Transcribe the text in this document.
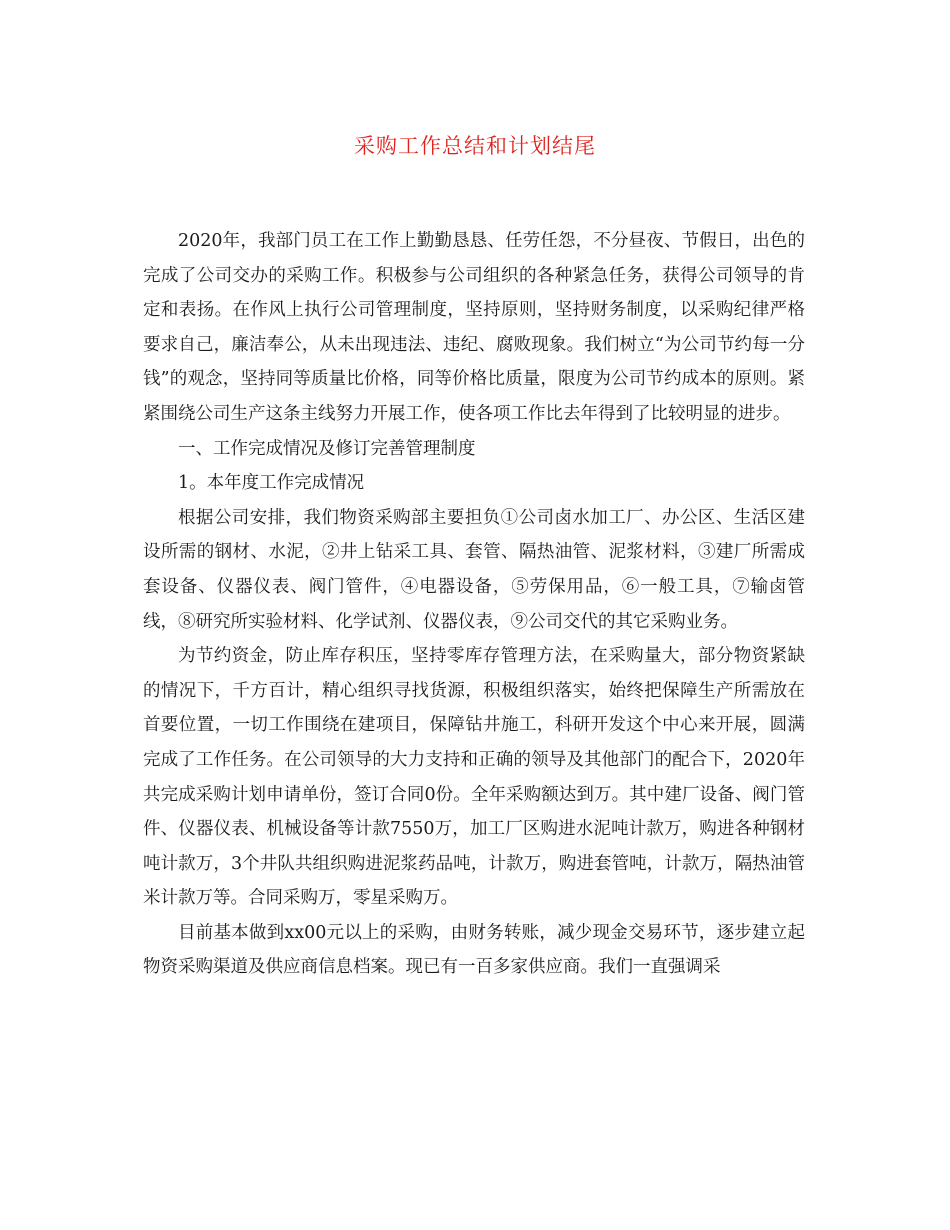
采购工作总结和计划结尾

2020年，我部门员工在工作上勤勤恳恳、任劳任怨，不分昼夜、节假日，出色的完成了公司交办的采购工作。积极参与公司组织的各种紧急任务，获得公司领导的肯定和表扬。在作风上执行公司管理制度，坚持原则，坚持财务制度，以采购纪律严格要求自己，廉洁奉公，从未出现违法、违纪、腐败现象。我们树立“为公司节约每一分钱”的观念，坚持同等质量比价格，同等价格比质量，限度为公司节约成本的原则。紧紧围绕公司生产这条主线努力开展工作，使各项工作比去年得到了比较明显的进步。

一、工作完成情况及修订完善管理制度

1。本年度工作完成情况

根据公司安排，我们物资采购部主要担负①公司卤水加工厂、办公区、生活区建设所需的钢材、水泥，②井上钻采工具、套管、隔热油管、泥浆材料，③建厂所需成套设备、仪器仪表、阀门管件，④电器设备，⑤劳保用品，⑥一般工具，⑦输卤管线，⑧研究所实验材料、化学试剂、仪器仪表，⑨公司交代的其它采购业务。

为节约资金，防止库存积压，坚持零库存管理方法，在采购量大，部分物资紧缺的情况下，千方百计，精心组织寻找货源，积极组织落实，始终把保障生产所需放在首要位置，一切工作围绕在建项目，保障钻井施工，科研开发这个中心来开展，圆满完成了工作任务。在公司领导的大力支持和正确的领导及其他部门的配合下，2020年共完成采购计划申请单份，签订合同0份。全年采购额达到万。其中建厂设备、阀门管件、仪器仪表、机械设备等计款7550万，加工厂区购进水泥吨计款万，购进各种钢材吨计款万，3个井队共组织购进泥浆药品吨，计款万，购进套管吨，计款万，隔热油管米计款万等。合同采购万，零星采购万。

目前基本做到xx00元以上的采购，由财务转账，减少现金交易环节，逐步建立起物资采购渠道及供应商信息档案。现已有一百多家供应商。我们一直强调采
